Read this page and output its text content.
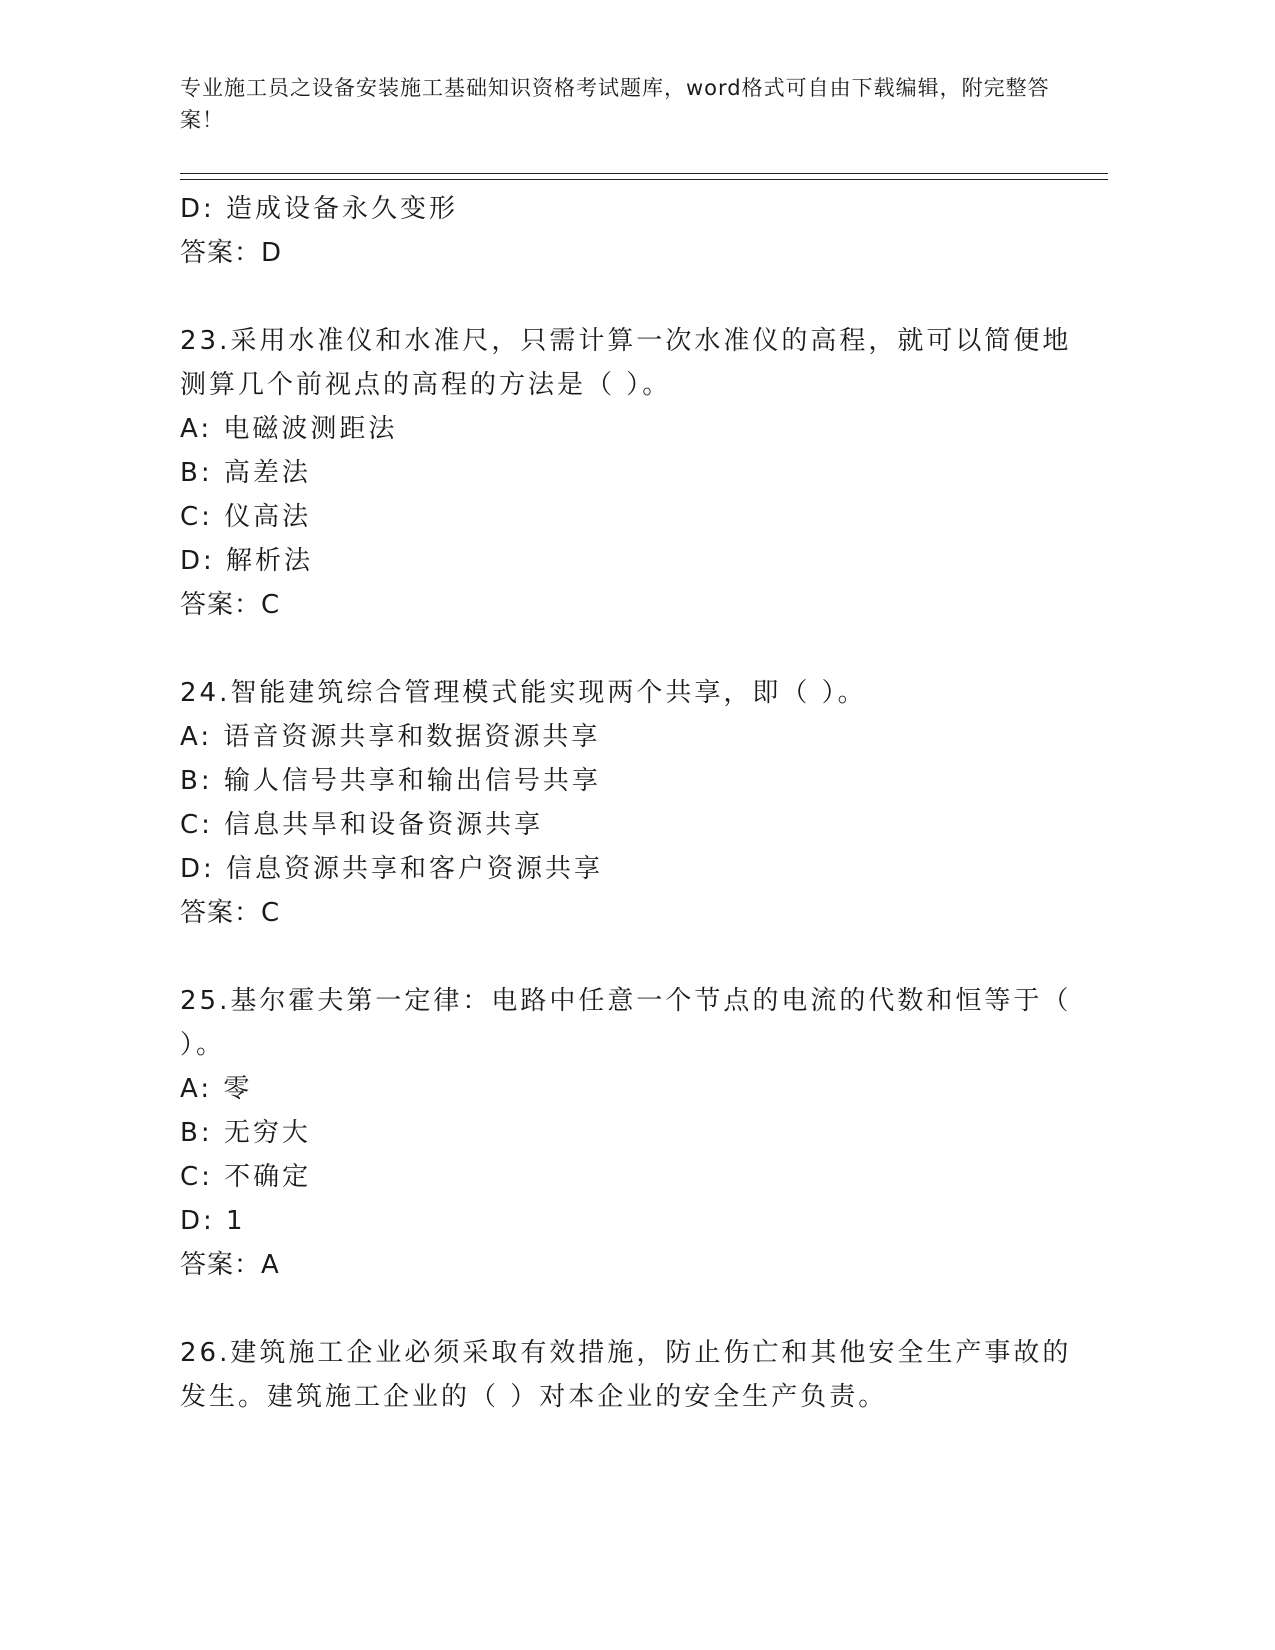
专业施工员之设备安装施工基础知识资格考试题库，word格式可自由下载编辑，附完整答案！
D: 造成设备永久变形
答案：D
23.采用水准仪和水准尺，只需计算一次水准仪的高程，就可以简便地
测算几个前视点的高程的方法是（ ）。
A: 电磁波测距法
B: 高差法
C: 仪高法
D: 解析法
答案：C
24.智能建筑综合管理模式能实现两个共享，即（ ）。
A: 语音资源共享和数据资源共享
B: 输人信号共享和输出信号共享
C: 信息共旱和设备资源共享
D: 信息资源共享和客户资源共享
答案：C
25.基尔霍夫第一定律：电路中任意一个节点的电流的代数和恒等于（
）。
A: 零
B: 无穷大
C: 不确定
D: 1
答案：A
26.建筑施工企业必须采取有效措施，防止伤亡和其他安全生产事故的
发生。建筑施工企业的（ ）对本企业的安全生产负责。
